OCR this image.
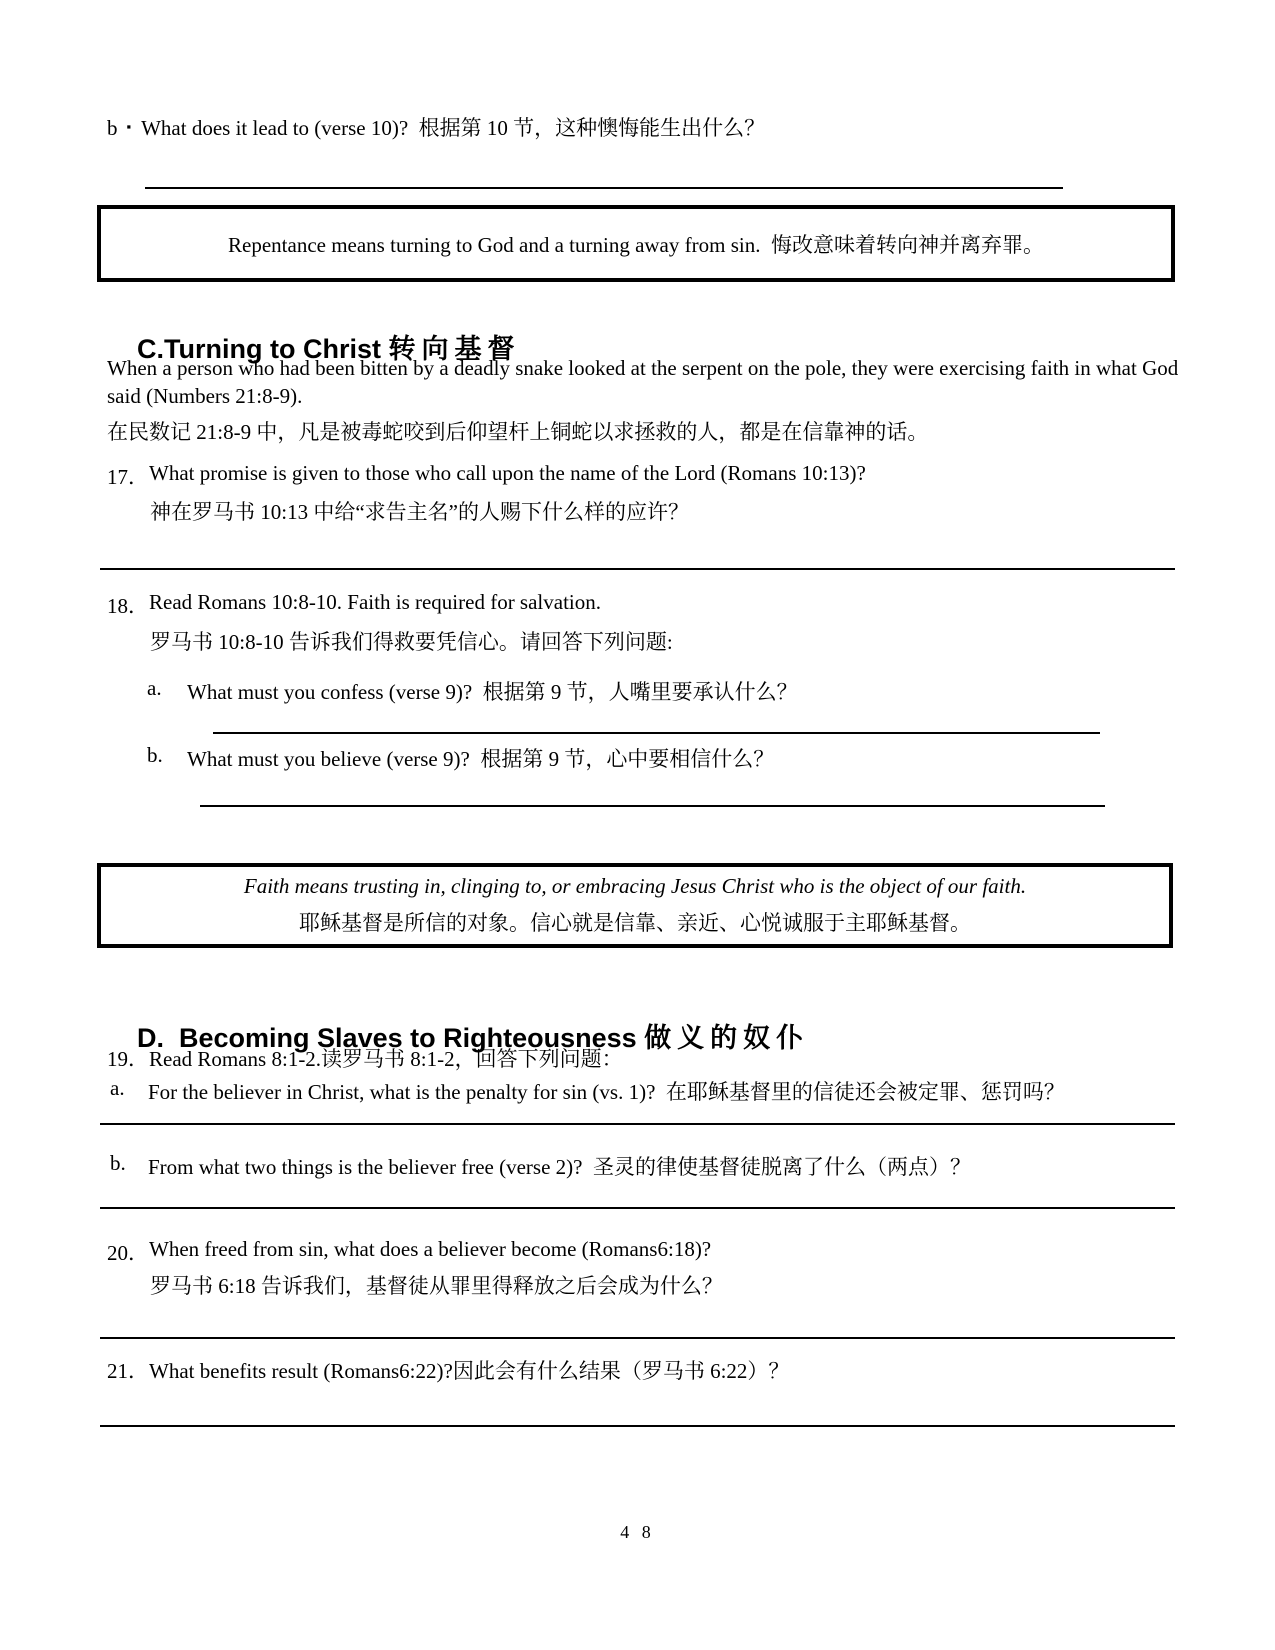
b ▪ What does it lead to (verse 10)?  根据第 10 节，这种懊悔能生出什么？
Repentance means turning to God and a turning away from sin.  悔改意味着转向神并离弃罪。

C.Turning to Christ 转向基督

When a person who had been bitten by a deadly snake looked at the serpent on the pole, they were exercising faith in what God said (Numbers 21:8-9).
在民数记 21:8-9 中，凡是被毒蛇咬到后仰望杆上铜蛇以求拯救的人，都是在信靠神的话。
17． What promise is given to those who call upon the name of the Lord (Romans 10:13)?
神在罗马书 10:13 中给“求告主名”的人赐下什么样的应许？
18． Read Romans 10:8-10. Faith is required for salvation.
罗马书 10:8-10 告诉我们得救要凭信心。请回答下列问题:
a.	What must you confess (verse 9)?  根据第 9 节，人嘴里要承认什么？
b.	What must you believe (verse 9)?  根据第 9 节，心中要相信什么？
Faith means trusting in, clinging to, or embracing Jesus Christ who is the object of our faith.
耶稣基督是所信的对象。信心就是信靠、亲近、心悦诚服于主耶稣基督。

D.  Becoming Slaves to Righteousness 做义的奴仆

19． Read Romans 8:1-2.读罗马书 8:1-2，回答下列问题：
a.	For the believer in Christ, what is the penalty for sin (vs. 1)?  在耶稣基督里的信徒还会被定罪、惩罚吗？
b.	From what two things is the believer free (verse 2)?  圣灵的律使基督徒脱离了什么（两点）？
20． When freed from sin, what does a believer become (Romans6:18)?
罗马书 6:18 告诉我们，基督徒从罪里得释放之后会成为什么？
21． What benefits result (Romans6:22)?因此会有什么结果（罗马书 6:22）？
4 8
